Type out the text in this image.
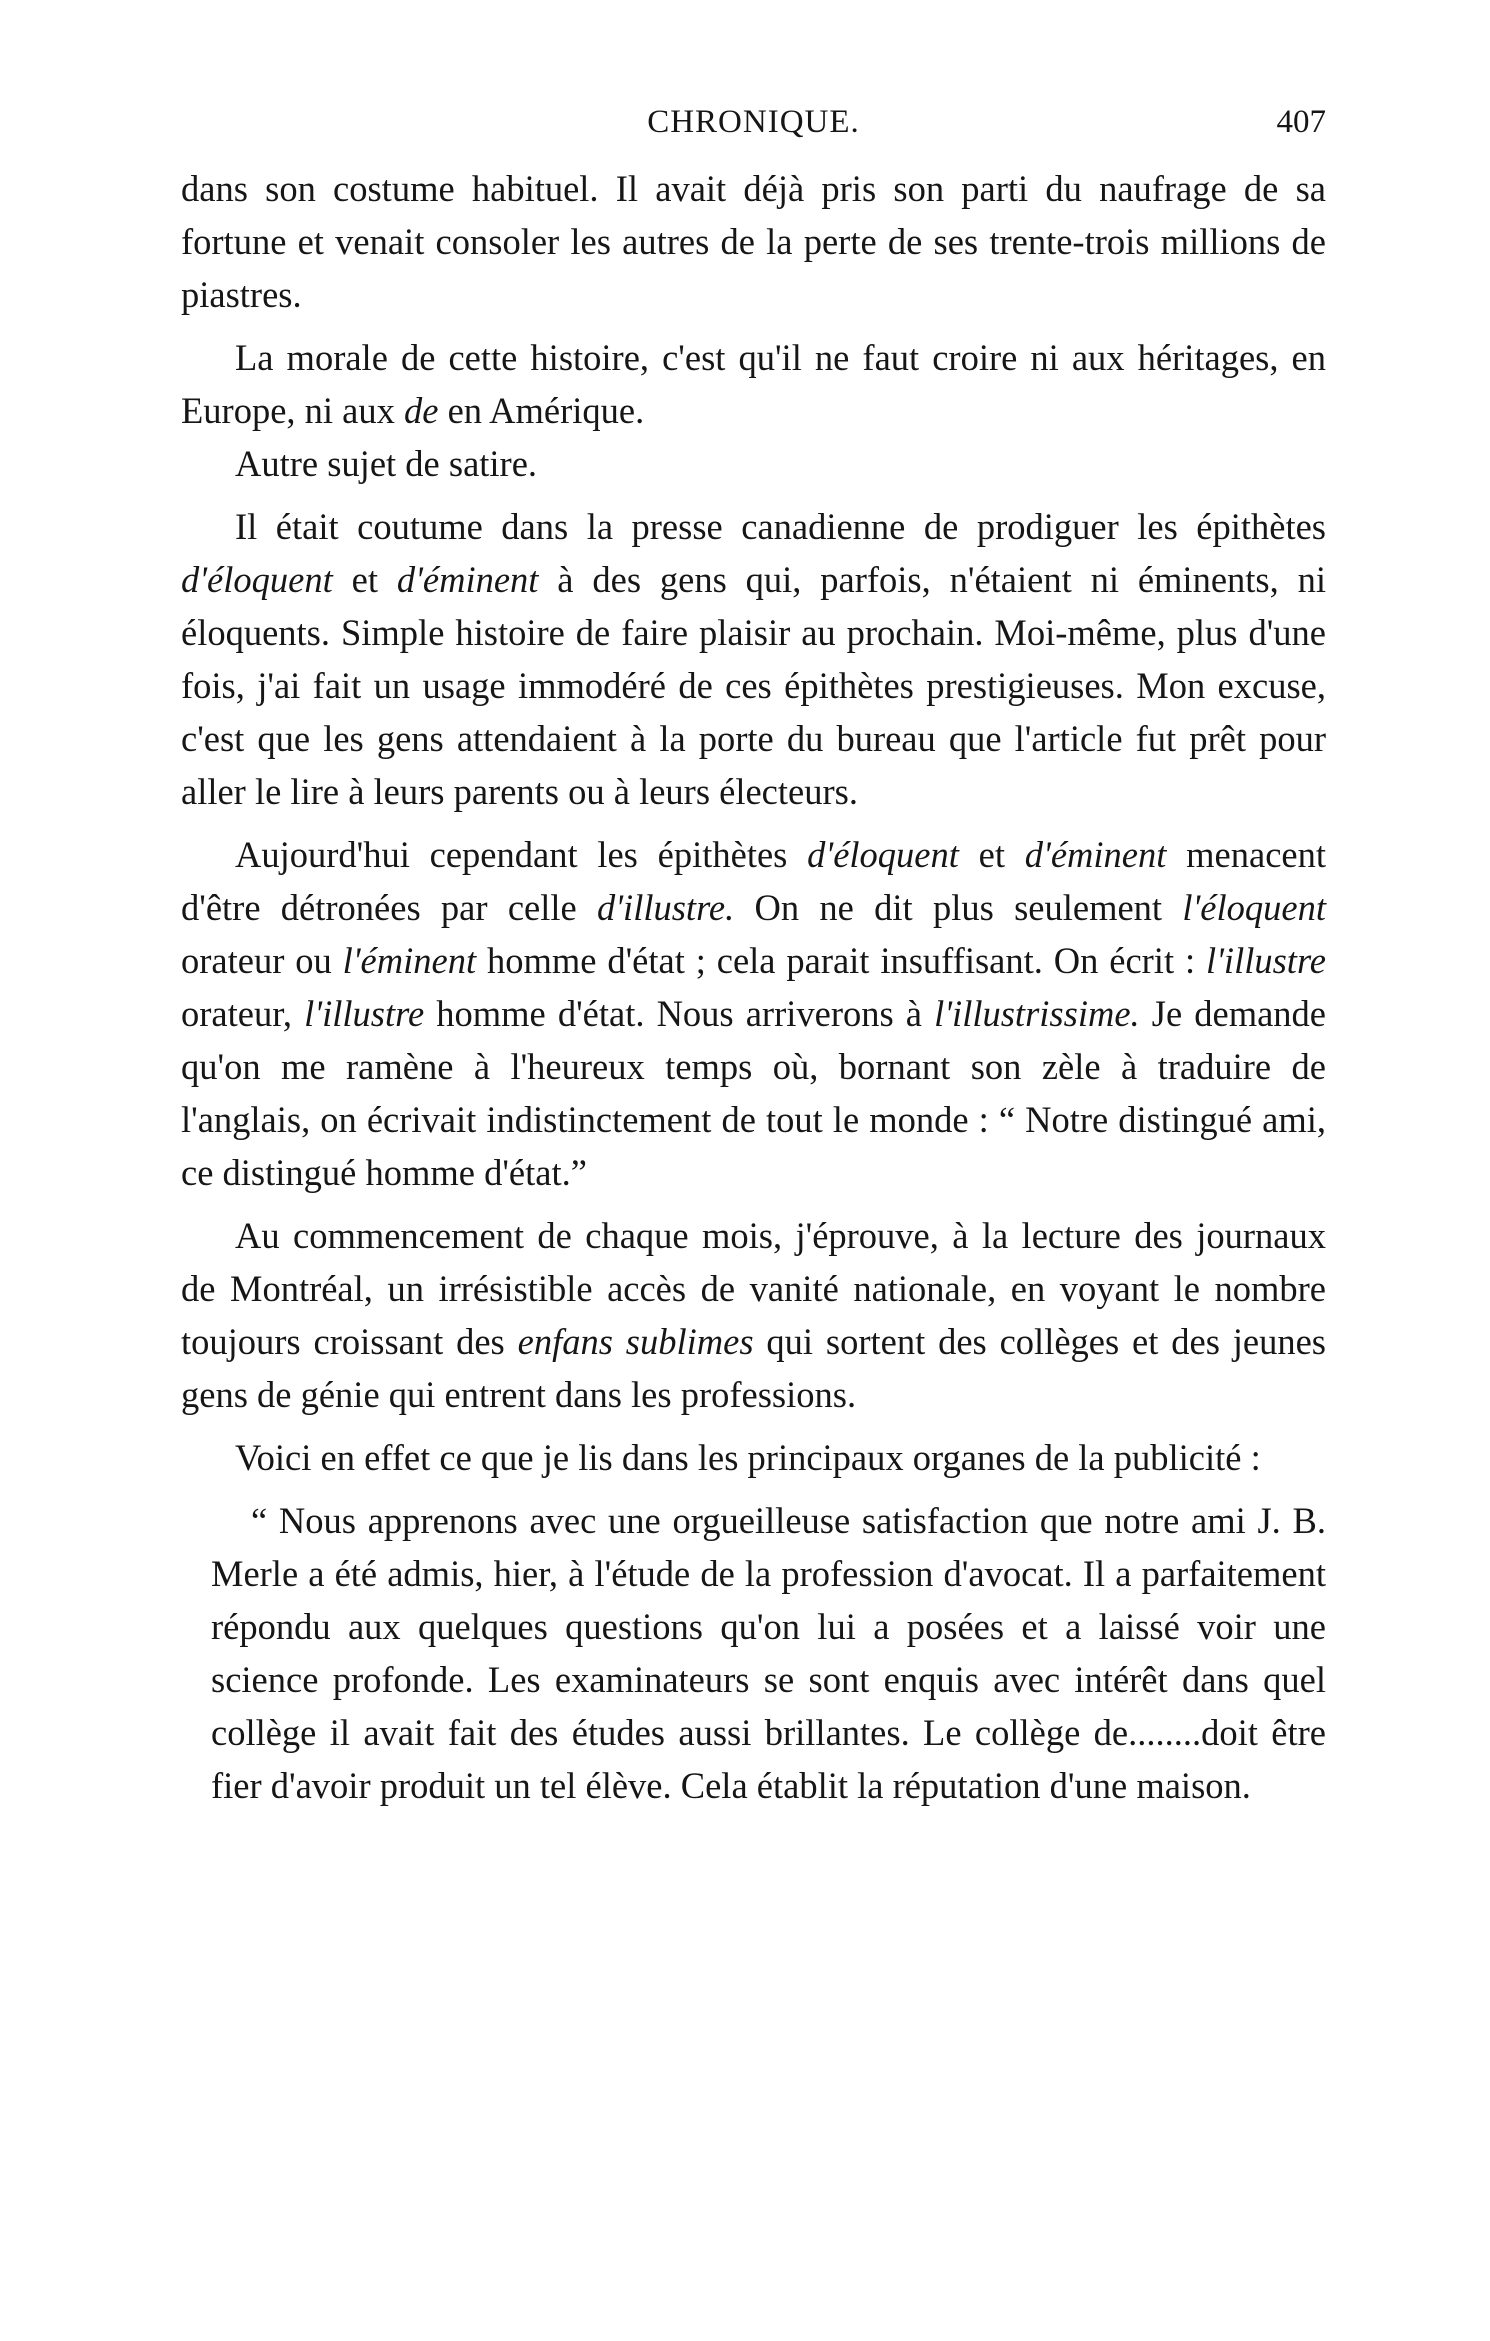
CHRONIQUE.	407

dans son costume habituel. Il avait déjà pris son parti du naufrage de sa fortune et venait consoler les autres de la perte de ses trente-trois millions de piastres.

La morale de cette histoire, c'est qu'il ne faut croire ni aux héritages, en Europe, ni aux de en Amérique.

Autre sujet de satire.

Il était coutume dans la presse canadienne de prodiguer les épithètes d'éloquent et d'éminent à des gens qui, parfois, n'étaient ni éminents, ni éloquents. Simple histoire de faire plaisir au prochain. Moi-même, plus d'une fois, j'ai fait un usage immodéré de ces épithètes prestigieuses. Mon excuse, c'est que les gens attendaient à la porte du bureau que l'article fut prêt pour aller le lire à leurs parents ou à leurs électeurs.

Aujourd'hui cependant les épithètes d'éloquent et d'éminent menacent d'être détronées par celle d'illustre. On ne dit plus seulement l'éloquent orateur ou l'éminent homme d'état ; cela parait insuffisant. On écrit : l'illustre orateur, l'illustre homme d'état. Nous arriverons à l'illustrissime. Je demande qu'on me ramène à l'heureux temps où, bornant son zèle à traduire de l'anglais, on écrivait indistinctement de tout le monde : “ Notre distingué ami, ce distingué homme d'état.”

Au commencement de chaque mois, j'éprouve, à la lecture des journaux de Montréal, un irrésistible accès de vanité nationale, en voyant le nombre toujours croissant des enfans sublimes qui sortent des collèges et des jeunes gens de génie qui entrent dans les professions.

Voici en effet ce que je lis dans les principaux organes de la publicité :

“ Nous apprenons avec une orgueilleuse satisfaction que notre ami J. B. Merle a été admis, hier, à l'étude de la profession d'avocat. Il a parfaitement répondu aux quelques questions qu'on lui a posées et a laissé voir une science profonde. Les examinateurs se sont enquis avec intérêt dans quel collège il avait fait des études aussi brillantes. Le collège de........doit être fier d'avoir produit un tel élève. Cela établit la réputation d'une maison.
